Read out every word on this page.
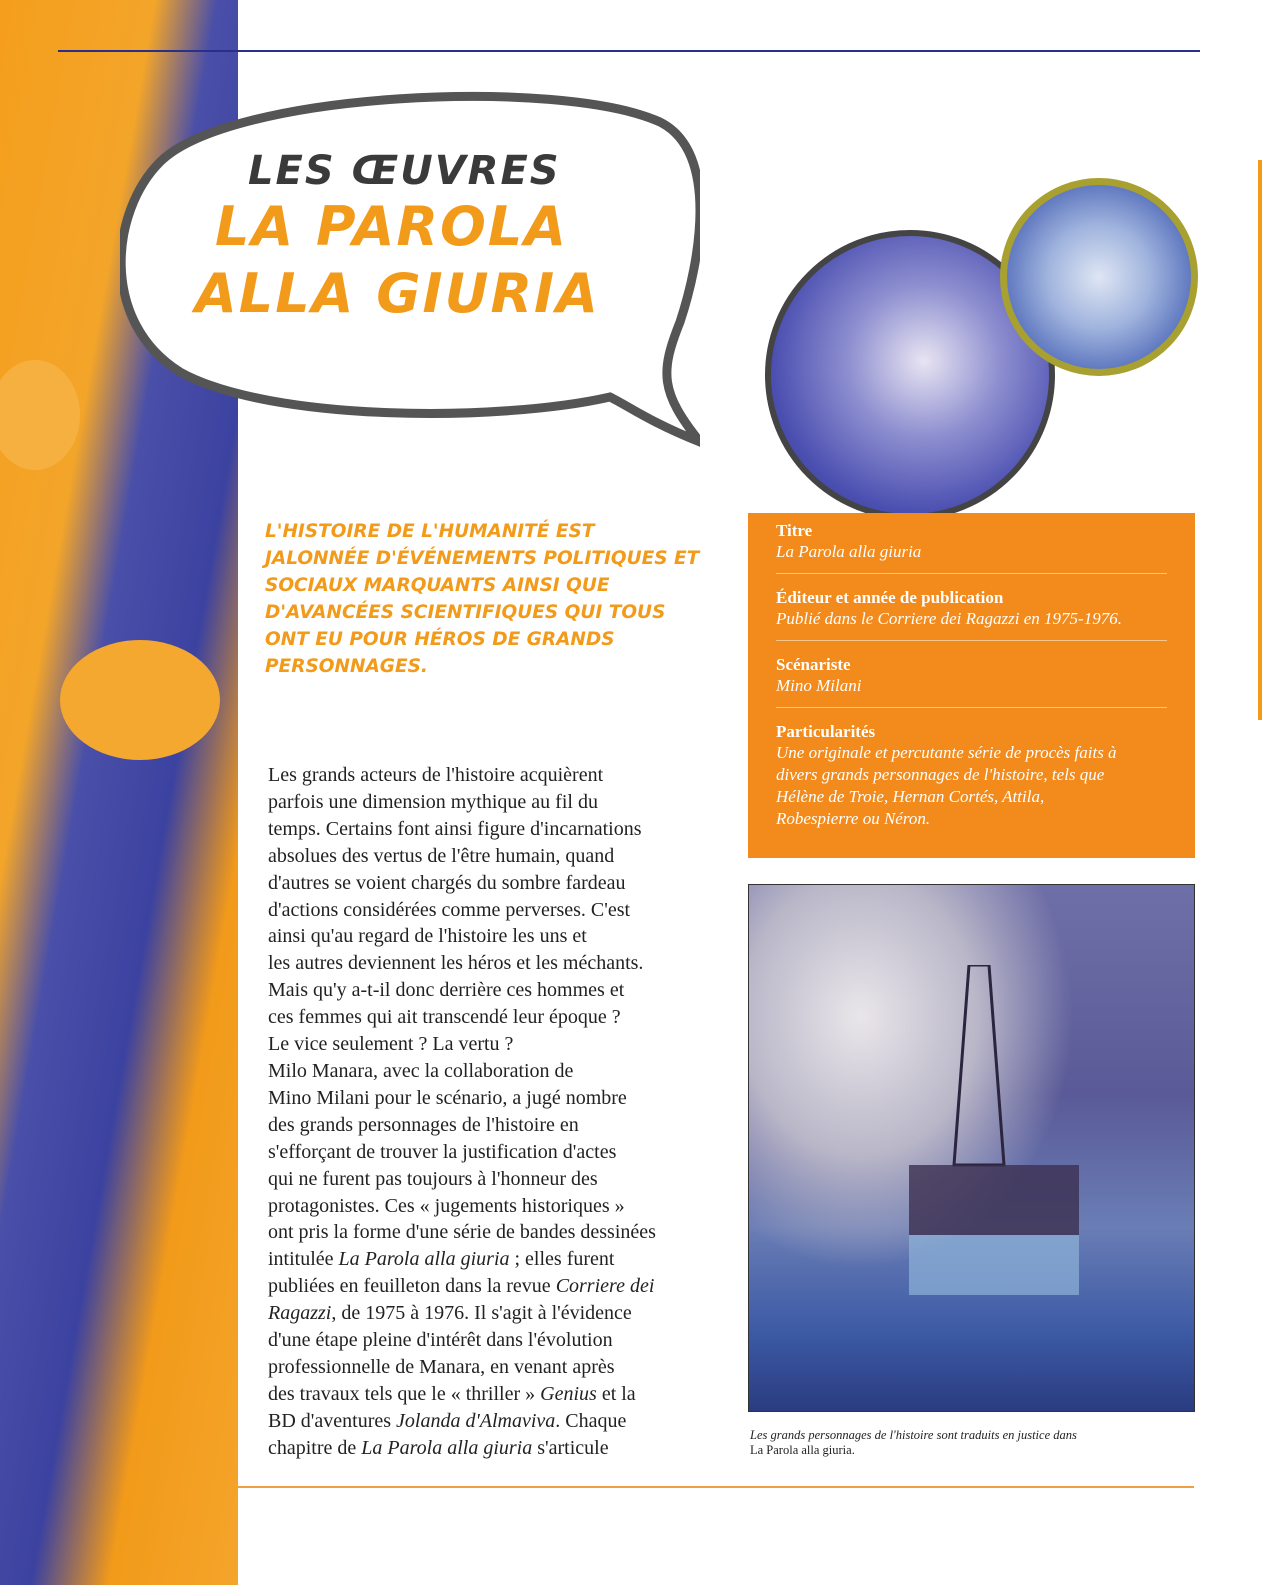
LES ŒUVRES
LA PAROLA
ALLA GIURIA
L'HISTOIRE DE L'HUMANITÉ EST JALONNÉE D'ÉVÉNEMENTS POLITIQUES ET SOCIAUX MARQUANTS AINSI QUE D'AVANCÉES SCIENTIFIQUES QUI TOUS ONT EU POUR HÉROS DE GRANDS PERSONNAGES.
Les grands acteurs de l'histoire acquièrent
parfois une dimension mythique au fil du
temps. Certains font ainsi figure d'incarnations
absolues des vertus de l'être humain, quand
d'autres se voient chargés du sombre fardeau
d'actions considérées comme perverses. C'est
ainsi qu'au regard de l'histoire les uns et
les autres deviennent les héros et les méchants.
Mais qu'y a-t-il donc derrière ces hommes et
ces femmes qui ait transcendé leur époque ?
Le vice seulement ? La vertu ?
Milo Manara, avec la collaboration de
Mino Milani pour le scénario, a jugé nombre
des grands personnages de l'histoire en
s'efforçant de trouver la justification d'actes
qui ne furent pas toujours à l'honneur des
protagonistes. Ces « jugements historiques »
ont pris la forme d'une série de bandes dessinées
intitulée La Parola alla giuria ; elles furent
publiées en feuilleton dans la revue Corriere dei
Ragazzi, de 1975 à 1976. Il s'agit à l'évidence
d'une étape pleine d'intérêt dans l'évolution
professionnelle de Manara, en venant après
des travaux tels que le « thriller » Genius et la
BD d'aventures Jolanda d'Almaviva. Chaque
chapitre de La Parola alla giuria s'articule
Titre
La Parola alla giuria
Éditeur et année de publication
Publié dans le Corriere dei Ragazzi en 1975-1976.
Scénariste
Mino Milani
Particularités
Une originale et percutante série de procès faits à divers grands personnages de l'histoire, tels que Hélène de Troie, Hernan Cortés, Attila, Robespierre ou Néron.
Les grands personnages de l'histoire sont traduits en justice dans
La Parola alla giuria.
